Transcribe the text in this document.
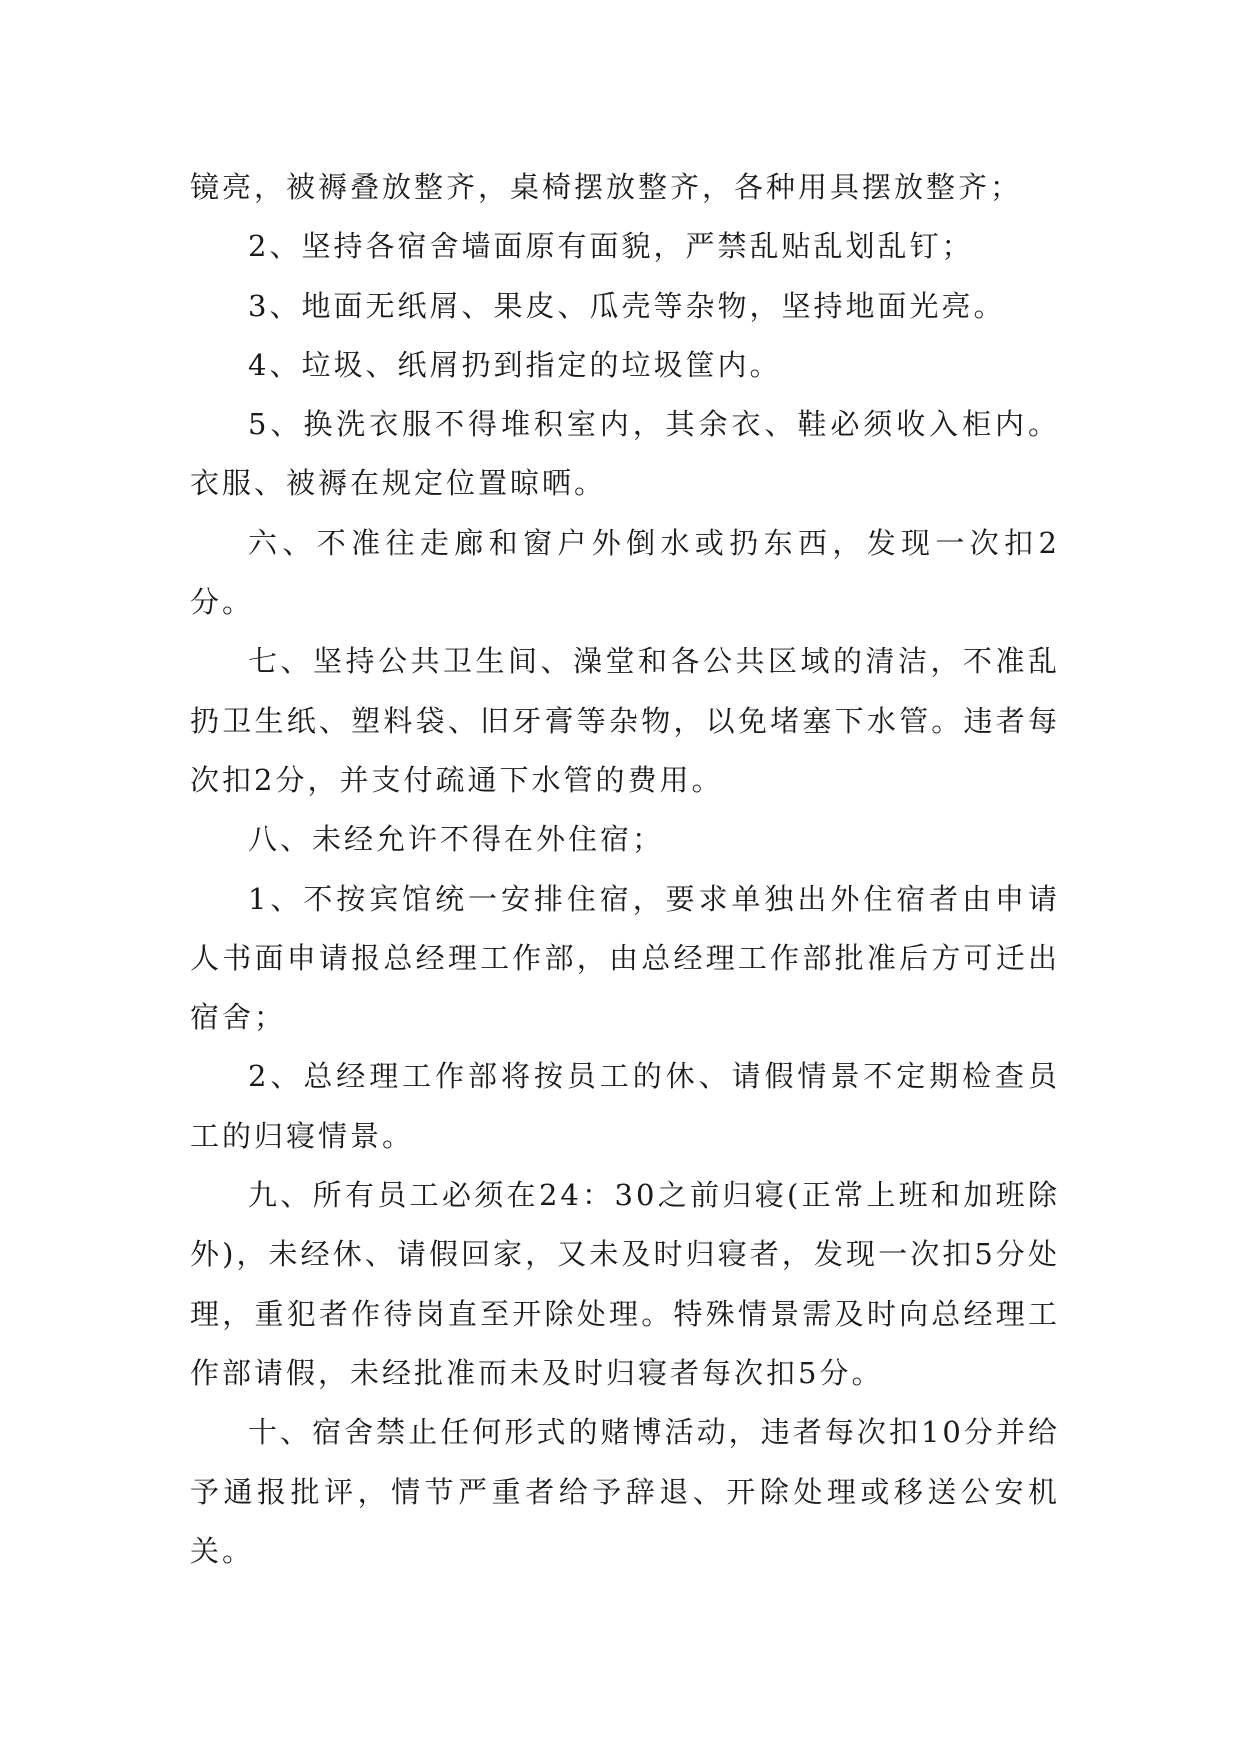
镜亮，被褥叠放整齐，桌椅摆放整齐，各种用具摆放整齐；

2、坚持各宿舍墙面原有面貌，严禁乱贴乱划乱钉；

3、地面无纸屑、果皮、瓜壳等杂物，坚持地面光亮。

4、垃圾、纸屑扔到指定的垃圾筐内。

5、换洗衣服不得堆积室内，其余衣、鞋必须收入柜内。衣服、被褥在规定位置晾晒。

六、不准往走廊和窗户外倒水或扔东西，发现一次扣2分。

七、坚持公共卫生间、澡堂和各公共区域的清洁，不准乱扔卫生纸、塑料袋、旧牙膏等杂物，以免堵塞下水管。违者每次扣2分，并支付疏通下水管的费用。

八、未经允许不得在外住宿；

1、不按宾馆统一安排住宿，要求单独出外住宿者由申请人书面申请报总经理工作部，由总经理工作部批准后方可迁出宿舍；

2、总经理工作部将按员工的休、请假情景不定期检查员工的归寝情景。

九、所有员工必须在24：30之前归寝(正常上班和加班除外)，未经休、请假回家，又未及时归寝者，发现一次扣5分处理，重犯者作待岗直至开除处理。特殊情景需及时向总经理工作部请假，未经批准而未及时归寝者每次扣5分。

十、宿舍禁止任何形式的赌博活动，违者每次扣10分并给予通报批评，情节严重者给予辞退、开除处理或移送公安机关。
